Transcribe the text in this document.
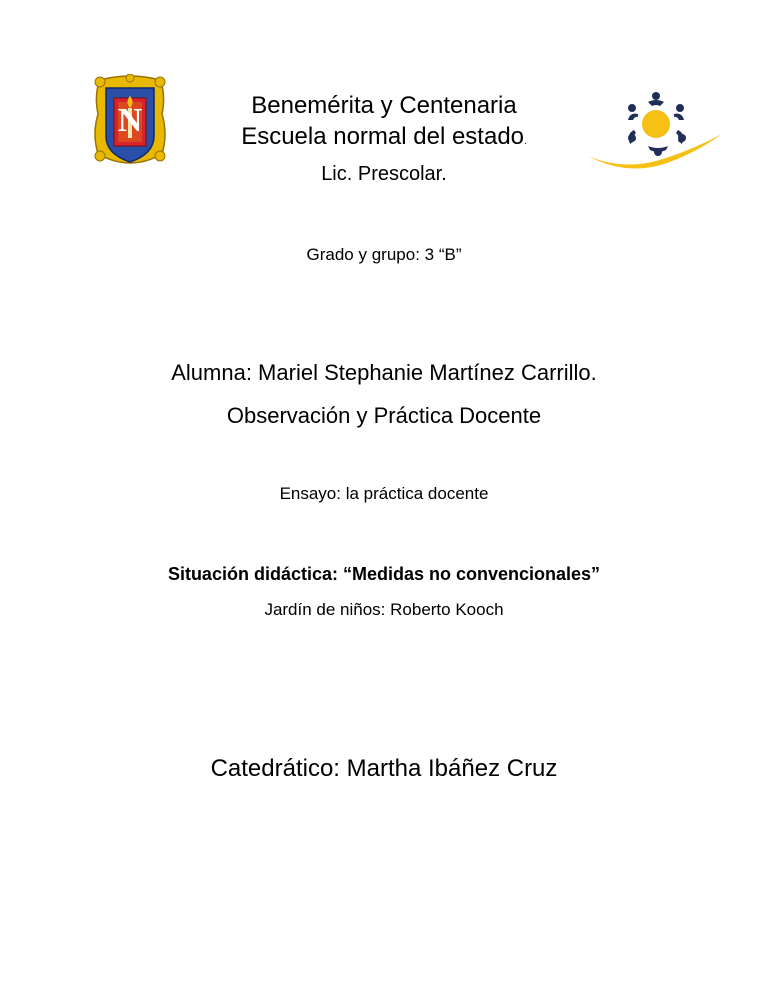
N	Benemérita y Centenaria
Escuela normal del estado.
Lic. Prescolar.
Grado y grupo: 3 “B”
Alumna: Mariel Stephanie Martínez Carrillo.
Observación y Práctica Docente
Ensayo: la práctica docente
Situación didáctica: “Medidas no convencionales”
Jardín de niños: Roberto Kooch
Catedrático: Martha Ibáñez Cruz
